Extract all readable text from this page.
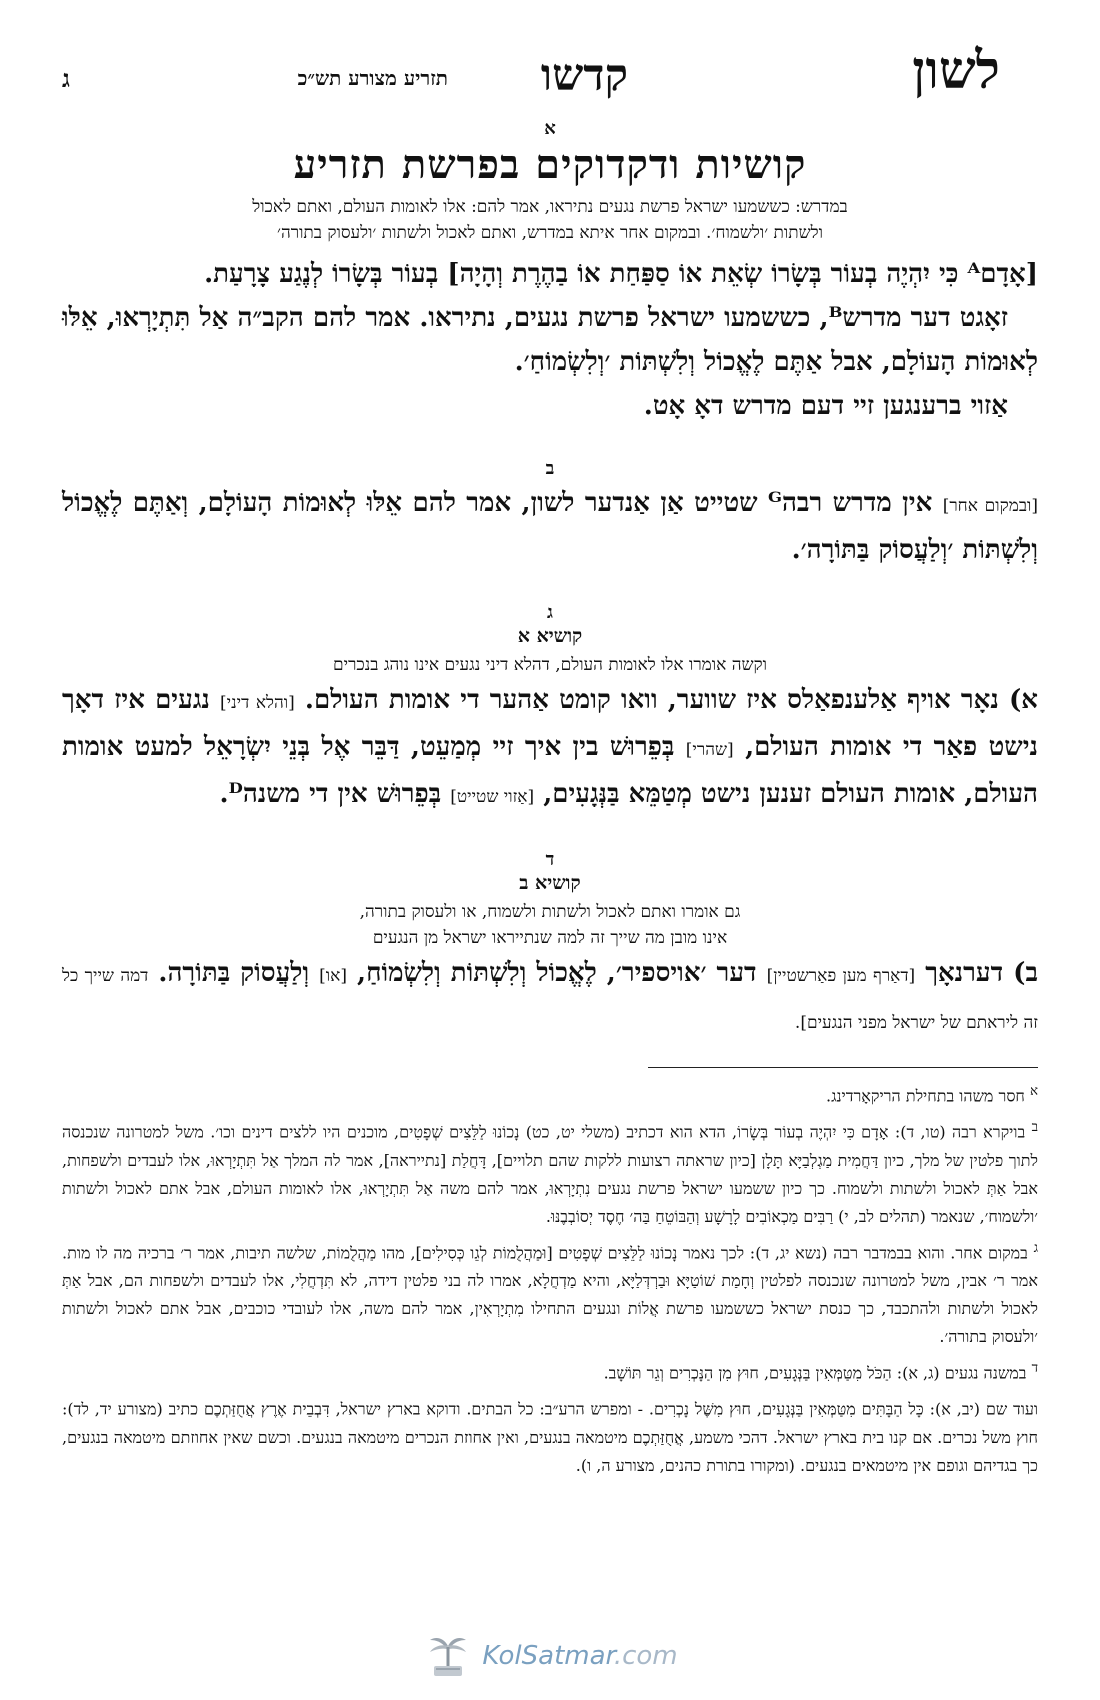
לשון
תזריע מצורע תש״כ קדשו
ג
א
קושיות ודקדוקים בפרשת תזריע

במדרש: כששמעו ישראל פרשת נגעים נתיראו, אמר להם: אלו לאומות העולם, ואתם לאכול

ולשתות ׳ולשמוח׳. ובמקום אחר איתא במדרש, ואתם לאכול ולשתות ׳ולעסוק בתורה׳

[אָדָםᴬ כִּי יִהְיֶה בְעוֹר בְּשָׂרוֹ שְׂאֵת אוֹ סַפַּחַת אוֹ בַהֶרֶת וְהָיָה] בְעוֹר בְּשָׂרוֹ לְנֶגַע צָרָעַת.

זאָגט דער מדרשᴮ, כששמעו ישראל פרשת נגעים, נתיראו. אמר להם הקב״ה אַל תִּתְיָרְאוּ, אֵלּוּ לְאוּמוֹת הָעוֹלָם, אבל אַתֶּם לֶאֱכוֹל וְלִשְׁתּוֹת ׳וְלִשְׂמוֹחַ׳.

אַזוי ברענגען זיי דעם מדרש דאָ אָט.

ב

[ובמקום אחר] אין מדרש רבהᴳ שטייט אַן אַנדער לשון, אמר להם אֵלּוּ לְאוּמוֹת הָעוֹלָם, וְאַתֶּם לֶאֱכוֹל וְלִשְׁתּוֹת ׳וְלַעֲסוֹק בַּתּוֹרָה׳.

ג
קושיא א

וקשה אומרו אלו לאומות העולם, דהלא דיני נגעים אינו נוהג בנכרים

א) נאָר אויף אַלענפאַלס איז שווער, וואו קומט אַהער די אומות העולם. [והלא דיני] נגעים איז דאָך נישט פאַר די אומות העולם, [שהרי] בְּפֵרוּשׁ בין איך זיי מְמַעֵט, דַּבֵּר אֶל בְּנֵי יִשְׂרָאֵל למעט אומות העולם, אומות העולם זענען נישט מְטַמֵּא בַּנְּגָעִים, [אַזוי שטייט] בְּפֵרוּשׁ אין די משנהᴰ.

ד
קושיא ב

גם אומרו ואתם לאכול ולשתות ולשמוח, או ולעסוק בתורה,

אינו מובן מה שייך זה למה שנתייראו ישראל מן הנגעים

ב) דערנאָך [דאַרף מען פאַרשטיין] דער ׳אויספיר׳, לֶאֱכוֹל וְלִשְׁתּוֹת וְלִשְׂמוֹחַ, [או] וְלַעֲסוֹק בַּתּוֹרָה. דמה שייך כל זה לירא‏תם של ישראל מפני הנגעים].

$^א$ חסר משהו בתחילת הריקאָרדינג.

$^ב$ בויקרא רבה (טו, ד): אָדָם כִּי יִהְיֶה בְעוֹר בְּשָׂרוֹ, הדא הוא דכתיב (משלי יט, כט) נָכוֹנוּ לַלֵּצִים שְׁפָטִים, מוכנים היו ללצים דינים וכו׳. משל למטרונה שנכנסה לתוך פלטין של מלך, כיון דַּחֲמִית מַגְלְבַיָּא תָּלָן [כיון שראתה רצועות ללקות שהם תלויים], דָּחֲלַת [נתייראה], אמר לה המלך אַל תִּתְיָרְאוּ, אלו לעבדים ולשפחות, אבל אַתְּ לאכול ולשתות ולשמוח. כך כיון ששמעו ישראל פרשת נגעים נִתְיָרְאוּ, אמר להם משה אַל תִּתְיָרְאוּ, אלו לאומות העולם, אבל אתם לאכול ולשתות ׳ולשמוח׳, שנאמר (תהלים לב, י) רַבִּים מַכְאוֹבִים לָרָשָׁע וְהַבּוֹטֵחַ בַּה׳ חֶסֶד יְסוֹבְבֶנּוּ.

$^ג$ במקום אחר. והוא בבמדבר רבה (נשא יג, ד): לכך נאמר נָכוֹנוּ לַלֵּצִים שְׁפָטִים [וּמַהֲלֻמוֹת לְגֵו כְּסִילִים], מהו מַהֲלֻמוֹת, שלשה תיבות, אמר ר׳ ברכיה מה לו מות. אמר ר׳ אבין, משל למטרונה שנכנסה לפלטין וְחָמַת שׁוֹטַיָּא וּבַרְדְּלַיָּא, והיא מַדְחֲלָא, אמרו לה בני פלטין דידה, לא תִּדְחֲלִי, אלו לעבדים ולשפחות הם, אבל אַתְּ לאכול ולשתות ולהתכבד, כך כנסת ישראל כששמעו פרשת אֲלוֹת ונגעים התחילו מִתְיָרְאִין, אמר להם משה, אלו לעובדי כוכבים, אבל אתם לאכול ולשתות ׳ולעסוק בתורה׳.

$^ד$ במשנה נגעים (ג, א): הַכֹּל מִטַּמְּאִין בַּנְּגָעִים, חוּץ מִן הַנָּכְרִים וְגֵר תּוֹשָׁב.

ועוד שם (יב, א): כָּל הַבָּתִּים מִטַּמְּאִין בַּנְּגָעִים, חוּץ מִשֶּׁל נָכְרִים. - ומפרש הרע״ב: כל הבתים. ודוקא בארץ ישראל, דִּבְבֵית אֶרֶץ אֲחֻזַּתְכֶם כתיב (מצורע יד, לד): חוץ משל נכרים. אם קנו בית בארץ ישראל. דהכי משמע, אֲחֻזַּתְכֶם מיטמאה בנגעים, ואין אחוזת הנכרים מיטמאה בנגעים. וכשם שאין אחוזתם מיטמאה בנגעים, כך בגדיהם וגופם אין מיטמאים בנגעים. (ומקורו בתורת כהנים, מצורע ה, ו).

KolSatmar.com
